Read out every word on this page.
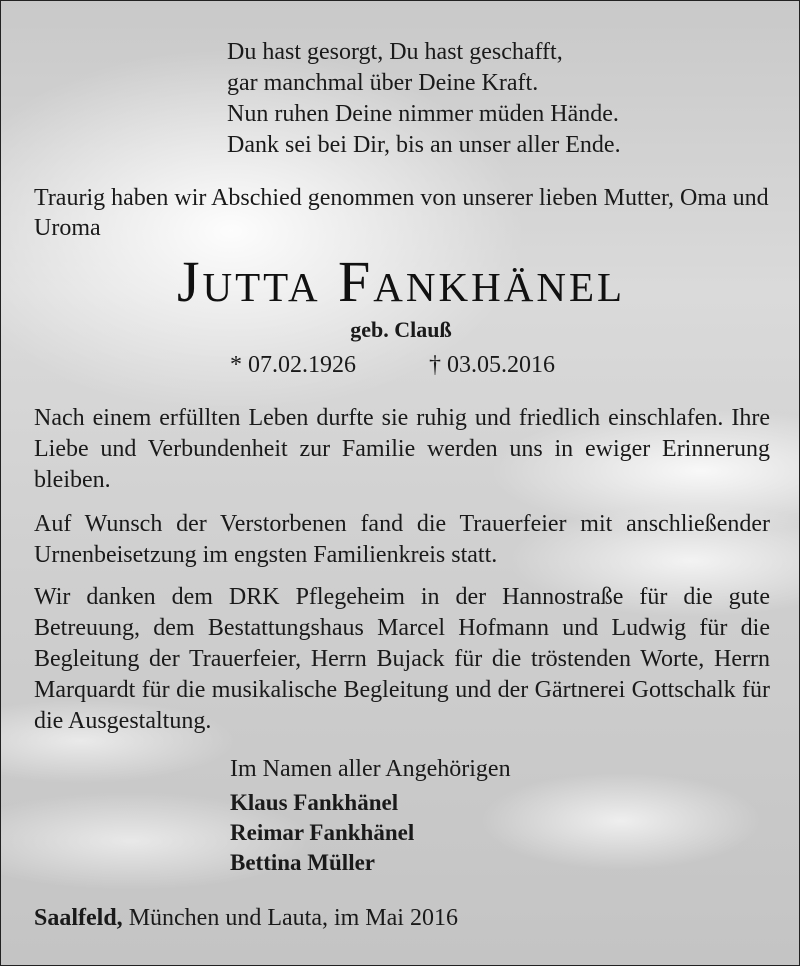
Du hast gesorgt, Du hast geschafft,
gar manchmal über Deine Kraft.
Nun ruhen Deine nimmer müden Hände.
Dank sei bei Dir, bis an unser aller Ende.
Traurig haben wir Abschied genommen von unserer lieben Mutter, Oma und Uroma
Jutta Fankhänel
geb. Clauß
* 07.02.1926	† 03.05.2016
Nach einem erfüllten Leben durfte sie ruhig und friedlich einschlafen. Ihre Liebe und Verbundenheit zur Familie werden uns in ewiger Erinnerung bleiben.
Auf Wunsch der Verstorbenen fand die Trauerfeier mit anschließender Urnenbeisetzung im engsten Familienkreis statt.
Wir danken dem DRK Pflegeheim in der Hannostraße für die gute Betreuung, dem Bestattungshaus Marcel Hofmann und Ludwig für die Begleitung der Trauerfeier, Herrn Bujack für die tröstenden Worte, Herrn Marquardt für die musikalische Begleitung und der Gärtnerei Gottschalk für die Ausgestaltung.
Im Namen aller Angehörigen
Klaus Fankhänel
Reimar Fankhänel
Bettina Müller
Saalfeld, München und Lauta, im Mai 2016
